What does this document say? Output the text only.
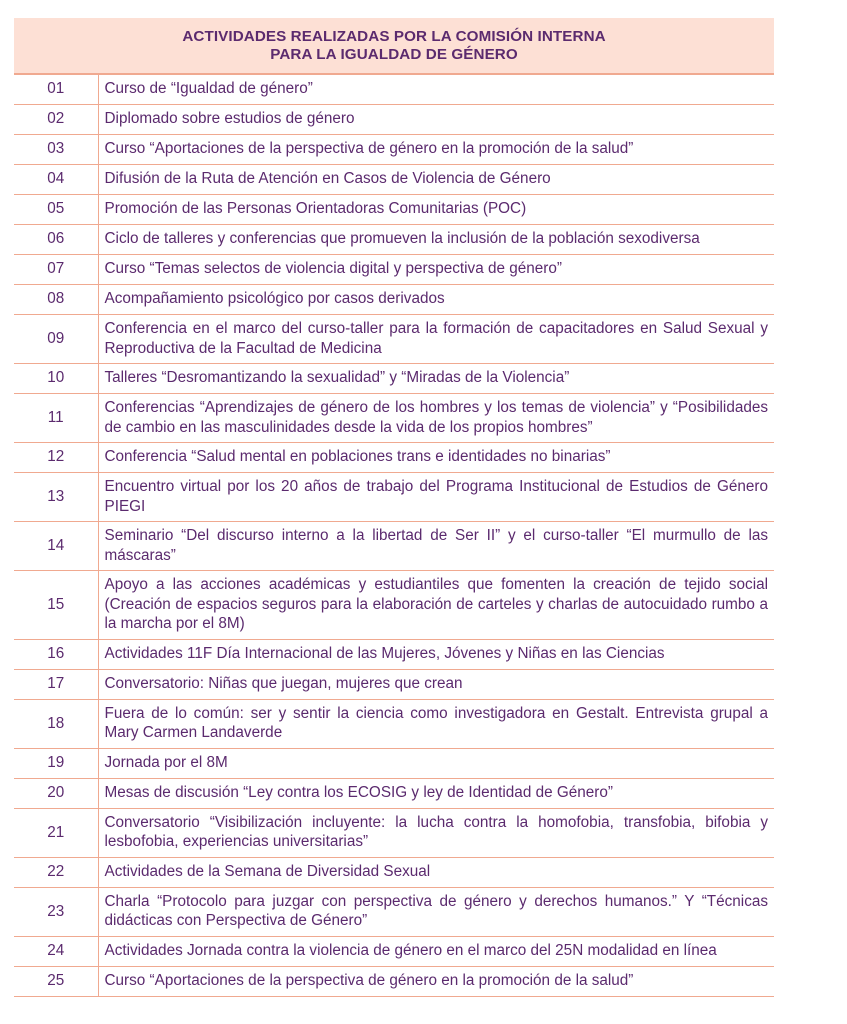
ACTIVIDADES REALIZADAS POR LA COMISIÓN INTERNA
PARA LA IGUALDAD DE GÉNERO	

01	Curso de “Igualdad de género”
02	Diplomado sobre estudios de género
03	Curso “Aportaciones de la perspectiva de género en la promoción de la salud”
04	Difusión de la Ruta de Atención en Casos de Violencia de Género
05	Promoción de las Personas Orientadoras Comunitarias (POC)
06	Ciclo de talleres y conferencias que promueven la inclusión de la población sexodiversa
07	Curso “Temas selectos de violencia digital y perspectiva de género”
08	Acompañamiento psicológico por casos derivados
09	Conferencia en el marco del curso-taller para la formación de capacitadores en Salud Sexual y Reproductiva de la Facultad de Medicina
10	Talleres “Desromantizando la sexualidad” y “Miradas de la Violencia”
11	Conferencias “Aprendizajes de género de los hombres y los temas de violencia” y “Posibilidades de cambio en las masculinidades desde la vida de los propios hombres”
12	Conferencia “Salud mental en poblaciones trans e identidades no binarias”
13	Encuentro virtual por los 20 años de trabajo del Programa Institucional de Estudios de Género PIEGI
14	Seminario “Del discurso interno a la libertad de Ser II” y el curso-taller “El murmullo de las máscaras”
15	Apoyo a las acciones académicas y estudiantiles que fomenten la creación de tejido social (Creación de espacios seguros para la elaboración de carteles y charlas de autocuidado rumbo a la marcha por el 8M)
16	Actividades 11F Día Internacional de las Mujeres, Jóvenes y Niñas en las Ciencias
17	Conversatorio: Niñas que juegan, mujeres que crean
18	Fuera de lo común: ser y sentir la ciencia como investigadora en Gestalt. Entrevista grupal a Mary Carmen Landaverde
19	Jornada por el 8M
20	Mesas de discusión “Ley contra los ECOSIG y ley de Identidad de Género”
21	Conversatorio “Visibilización incluyente: la lucha contra la homofobia, transfobia, bifobia y lesbofobia, experiencias universitarias”
22	Actividades de la Semana de Diversidad Sexual
23	Charla “Protocolo para juzgar con perspectiva de género y derechos humanos.” Y “Técnicas didácticas con Perspectiva de Género”
24	Actividades Jornada contra la violencia de género en el marco del 25N modalidad en línea
25	Curso “Aportaciones de la perspectiva de género en la promoción de la salud”
